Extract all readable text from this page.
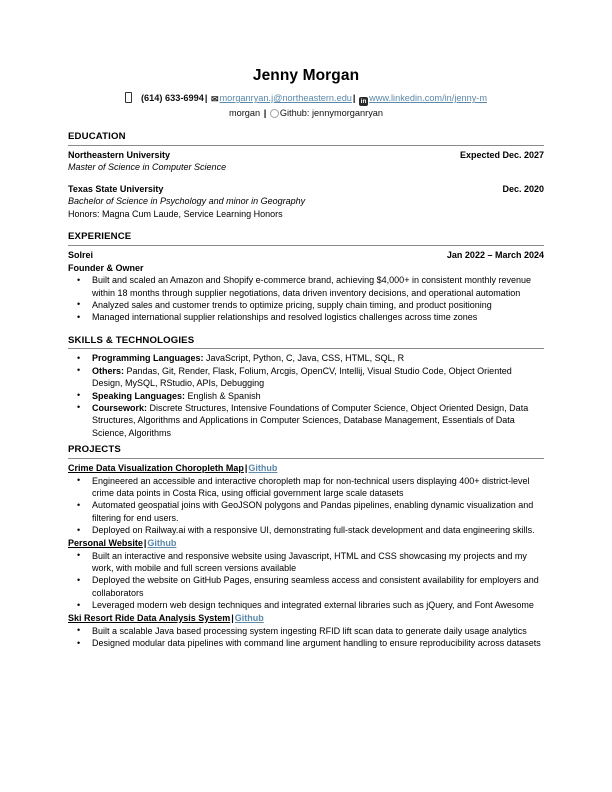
Jenny Morgan
(614) 633-6994| ✉morganryan.j@northeastern.edu| in www.linkedin.com/in/jenny-m
morgan | Github: jennymorganryan
EDUCATION
Northeastern University	Expected Dec. 2027
Master of Science in Computer Science
Texas State University	Dec. 2020
Bachelor of Science in Psychology and minor in Geography
Honors: Magna Cum Laude, Service Learning Honors
EXPERIENCE
Solrei	Jan 2022 – March 2024
Founder & Owner
• Built and scaled an Amazon and Shopify e-commerce brand, achieving $4,000+ in consistent monthly revenue within 18 months through supplier negotiations, data driven inventory decisions, and operational automation
• Analyzed sales and customer trends to optimize pricing, supply chain timing, and product positioning
• Managed international supplier relationships and resolved logistics challenges across time zones
SKILLS & TECHNOLOGIES
• Programming Languages: JavaScript, Python, C, Java, CSS, HTML, SQL, R
• Others: Pandas, Git, Render, Flask, Folium, Arcgis, OpenCV, Intellij, Visual Studio Code, Object Oriented Design, MySQL, RStudio, APIs, Debugging
• Speaking Languages: English & Spanish
• Coursework: Discrete Structures, Intensive Foundations of Computer Science, Object Oriented Design, Data Structures, Algorithms and Applications in Computer Sciences, Database Management, Essentials of Data Science, Algorithms
PROJECTS
Crime Data Visualization Choropleth Map|Github
• Engineered an accessible and interactive choropleth map for non-technical users displaying 400+ district-level crime data points in Costa Rica, using official government large scale datasets
• Automated geospatial joins with GeoJSON polygons and Pandas pipelines, enabling dynamic visualization and filtering for end users.
• Deployed on Railway.ai with a responsive UI, demonstrating full-stack development and data engineering skills.
Personal Website|Github
• Built an interactive and responsive website using Javascript, HTML and CSS showcasing my projects and my work, with mobile and full screen versions available
• Deployed the website on GitHub Pages, ensuring seamless access and consistent availability for employers and collaborators
• Leveraged modern web design techniques and integrated external libraries such as jQuery, and Font Awesome
Ski Resort Ride Data Analysis System|Github
• Built a scalable Java based processing system ingesting RFID lift scan data to generate daily usage analytics
• Designed modular data pipelines with command line argument handling to ensure reproducibility across datasets
